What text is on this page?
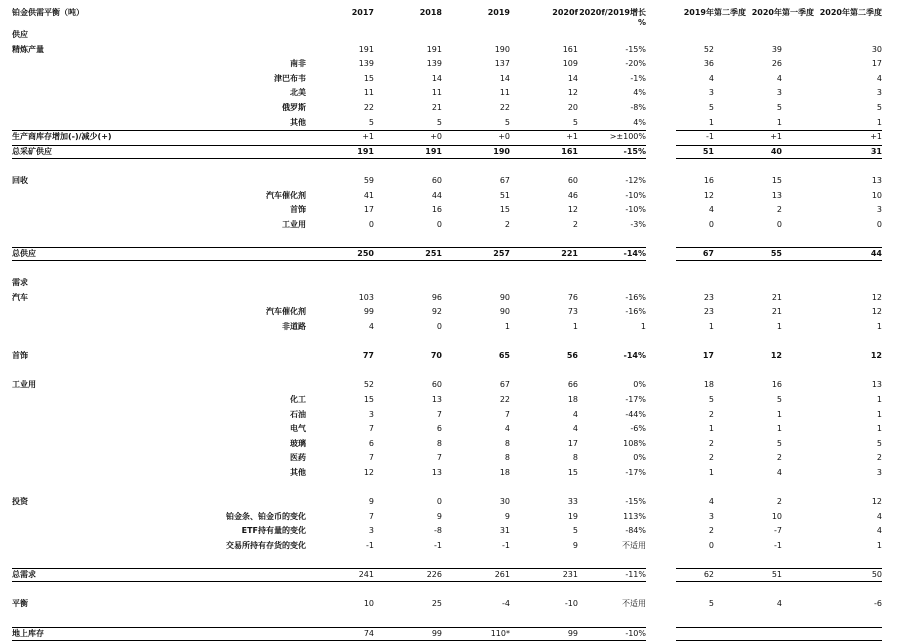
铂金供需平衡（吨）	2017	2018	2019	2020f 2020f/2019增长
%
2019年第二季度 2020年第一季度 2020年第二季度
供应
精炼产量	191	191	190	161	-15%	52	39	30
南非	139	139	137	109	-20%	36	26	17
津巴布韦	15	14	14	14	-1%	4	4	4
北美	11	11	11	12	4%	3	3	3
俄罗斯	22	21	22	20	-8%	5	5	5
其他	5	5	5	5	4%	1	1	1
生产商库存增加(-)/减少(+)	+1	+0	+0	+1	>±100%	-1	+1	+1
总采矿供应	191	191	190	161	-15%	51	40	31
回收	59	60	67	60	-12%	16	15	13
汽车催化剂	41	44	51	46	-10%	12	13	10
首饰	17	16	15	12	-10%	4	2	3
工业用	0	0	2	2	-3%	0	0	0
总供应	250	251	257	221	-14%	67	55	44
需求
汽车	103	96	90	76	-16%	23	21	12
汽车催化剂	99	92	90	73	-16%	23	21	12
非道路	4	0	1	1	1	1	1	1
首饰	77	70	65	56	-14%	17	12	12
工业用	52	60	67	66	0%	18	16	13
化工	15	13	22	18	-17%	5	5	1
石油	3	7	7	4	-44%	2	1	1
电气	7	6	4	4	-6%	1	1	1
玻璃	6	8	8	17	108%	2	5	5
医药	7	7	8	8	0%	2	2	2
其他	12	13	18	15	-17%	1	4	3
投资	9	0	30	33	-15%	4	2	12
铂金条、铂金币的变化	7	9	9	19	113%	3	10	4
ETF持有量的变化	3	-8	31	5	-84%	2	-7	4
交易所持有存货的变化	-1	-1	-1	9	不适用	0	-1	1
总需求	241	226	261	231	-11%	62	51	50
平衡	10	25	-4	-10	不适用	5	4	-6
地上库存	74	99	110*	99	-10%
